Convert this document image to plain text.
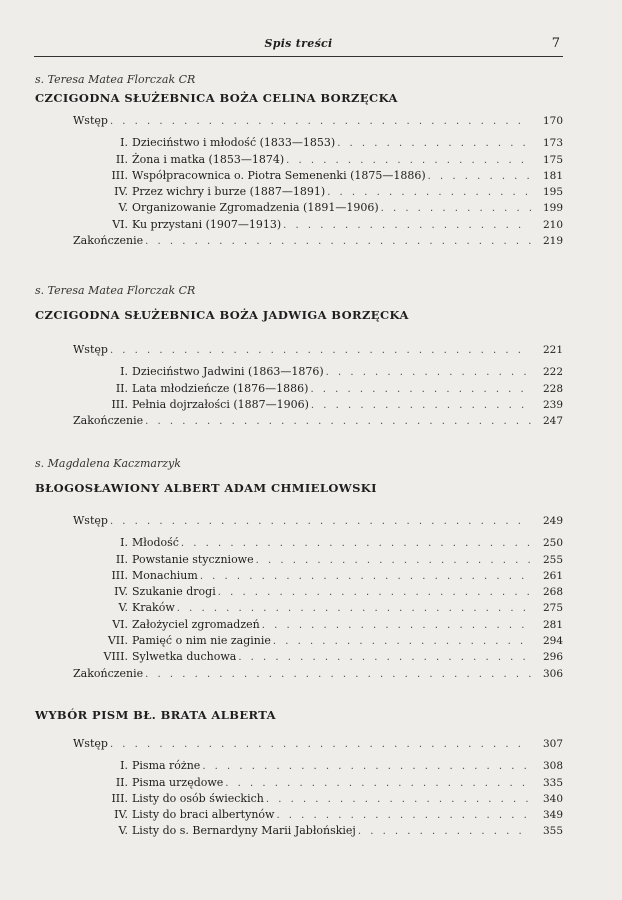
Spis treści	7
s. Teresa Matea Florczak CR
CZCIGODNA SŁUŻEBNICA BOŻA CELINA BORZĘCKA
Wstęp . . .	170
I. Dzieciństwo i młodość (1833—1853) . . .	173
II. Żona i matka (1853—1874) . . .	175
III. Współpracownica o. Piotra Semenenki (1875—1886) . . .	181
IV. Przez wichry i burze (1887—1891) . . .	195
V. Organizowanie Zgromadzenia (1891—1906) . . .	199
VI. Ku przystani (1907—1913) . . .	210
Zakończenie . . .	219
s. Teresa Matea Florczak CR
CZCIGODNA SŁUŻEBNICA BOŻA JADWIGA BORZĘCKA
Wstęp . . .	221
I. Dzieciństwo Jadwini (1863—1876) . . .	222
II. Lata młodzieńcze (1876—1886) . . .	228
III. Pełnia dojrzałości (1887—1906) . . .	239
Zakończenie . . .	247
s. Magdalena Kaczmarzyk
BŁOGOSŁAWIONY ALBERT ADAM CHMIELOWSKI
Wstęp . . .	249
I. Młodość . . .	250
II. Powstanie styczniowe . . .	255
III. Monachium . . .	261
IV. Szukanie drogi . . .	268
V. Kraków . . .	275
VI. Założyciel zgromadzeń . . .	281
VII. Pamięć o nim nie zaginie . . .	294
VIII. Sylwetka duchowa . . .	296
Zakończenie . . .	306
WYBÓR PISM BŁ. BRATA ALBERTA
Wstęp . . .	307
I. Pisma różne . . .	308
II. Pisma urzędowe . . .	335
III. Listy do osób świeckich . . .	340
IV. Listy do braci albertynów . . .	349
V. Listy do s. Bernardyny Marii Jabłońskiej . . .	355
